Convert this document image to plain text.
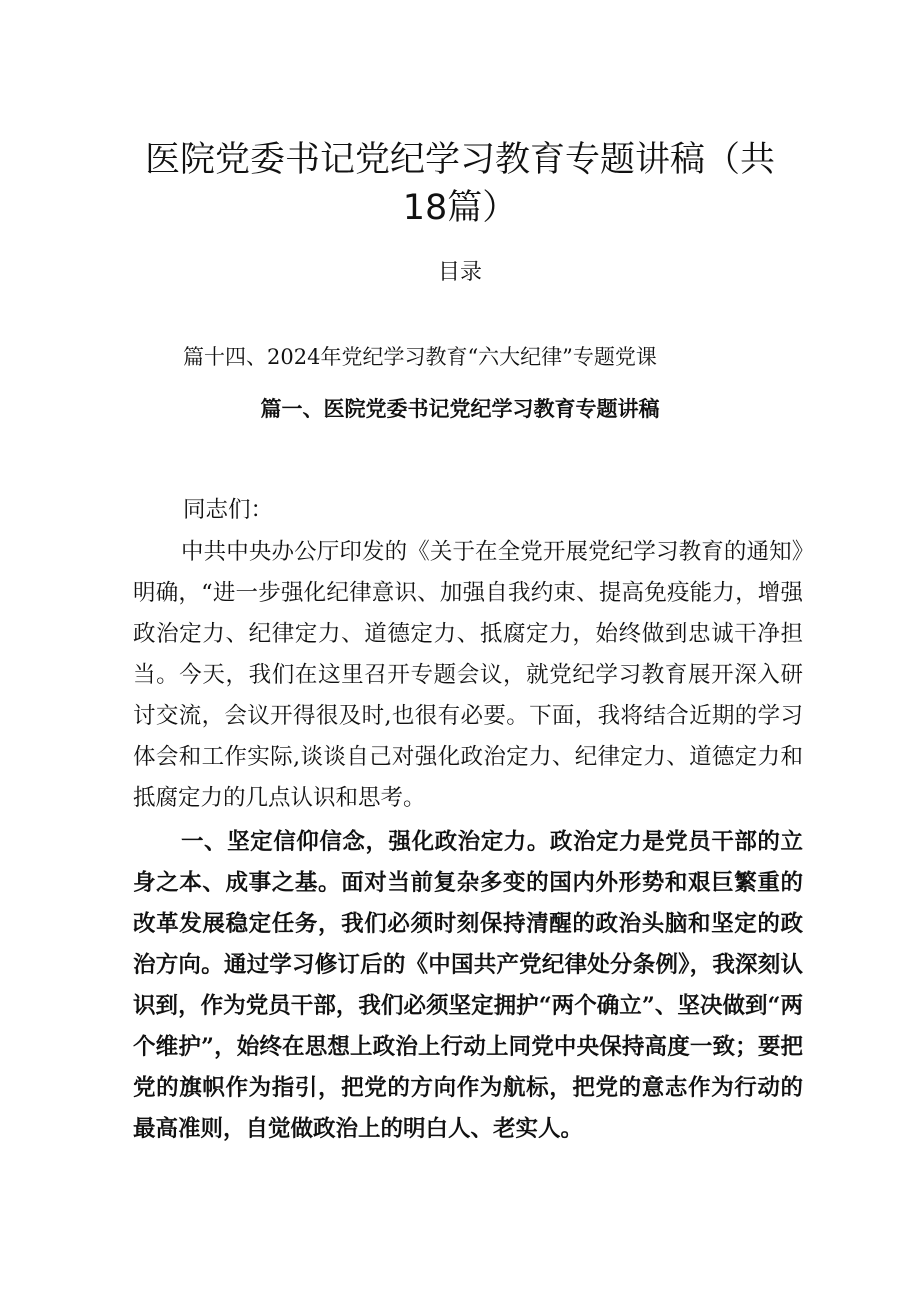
医院党委书记党纪学习教育专题讲稿（共18篇）
目录
篇十四、2024年党纪学习教育“六大纪律”专题党课
篇一、医院党委书记党纪学习教育专题讲稿
同志们：
中共中央办公厅印发的《关于在全党开展党纪学习教育的通知》明确，“进一步强化纪律意识、加强自我约束、提高免疫能力，增强政治定力、纪律定力、道德定力、抵腐定力，始终做到忠诚干净担当。今天，我们在这里召开专题会议，就党纪学习教育展开深入研讨交流，会议开得很及时,也很有必要。下面，我将结合近期的学习体会和工作实际,谈谈自己对强化政治定力、纪律定力、道德定力和抵腐定力的几点认识和思考。
一、坚定信仰信念，强化政治定力。政治定力是党员干部的立身之本、成事之基。面对当前复杂多变的国内外形势和艰巨繁重的改革发展稳定任务，我们必须时刻保持清醒的政治头脑和坚定的政治方向。通过学习修订后的《中国共产党纪律处分条例》，我深刻认识到，作为党员干部，我们必须坚定拥护“两个确立”、坚决做到“两个维护”，始终在思想上政治上行动上同党中央保持高度一致；要把党的旗帜作为指引，把党的方向作为航标，把党的意志作为行动的最高准则，自觉做政治上的明白人、老实人。
